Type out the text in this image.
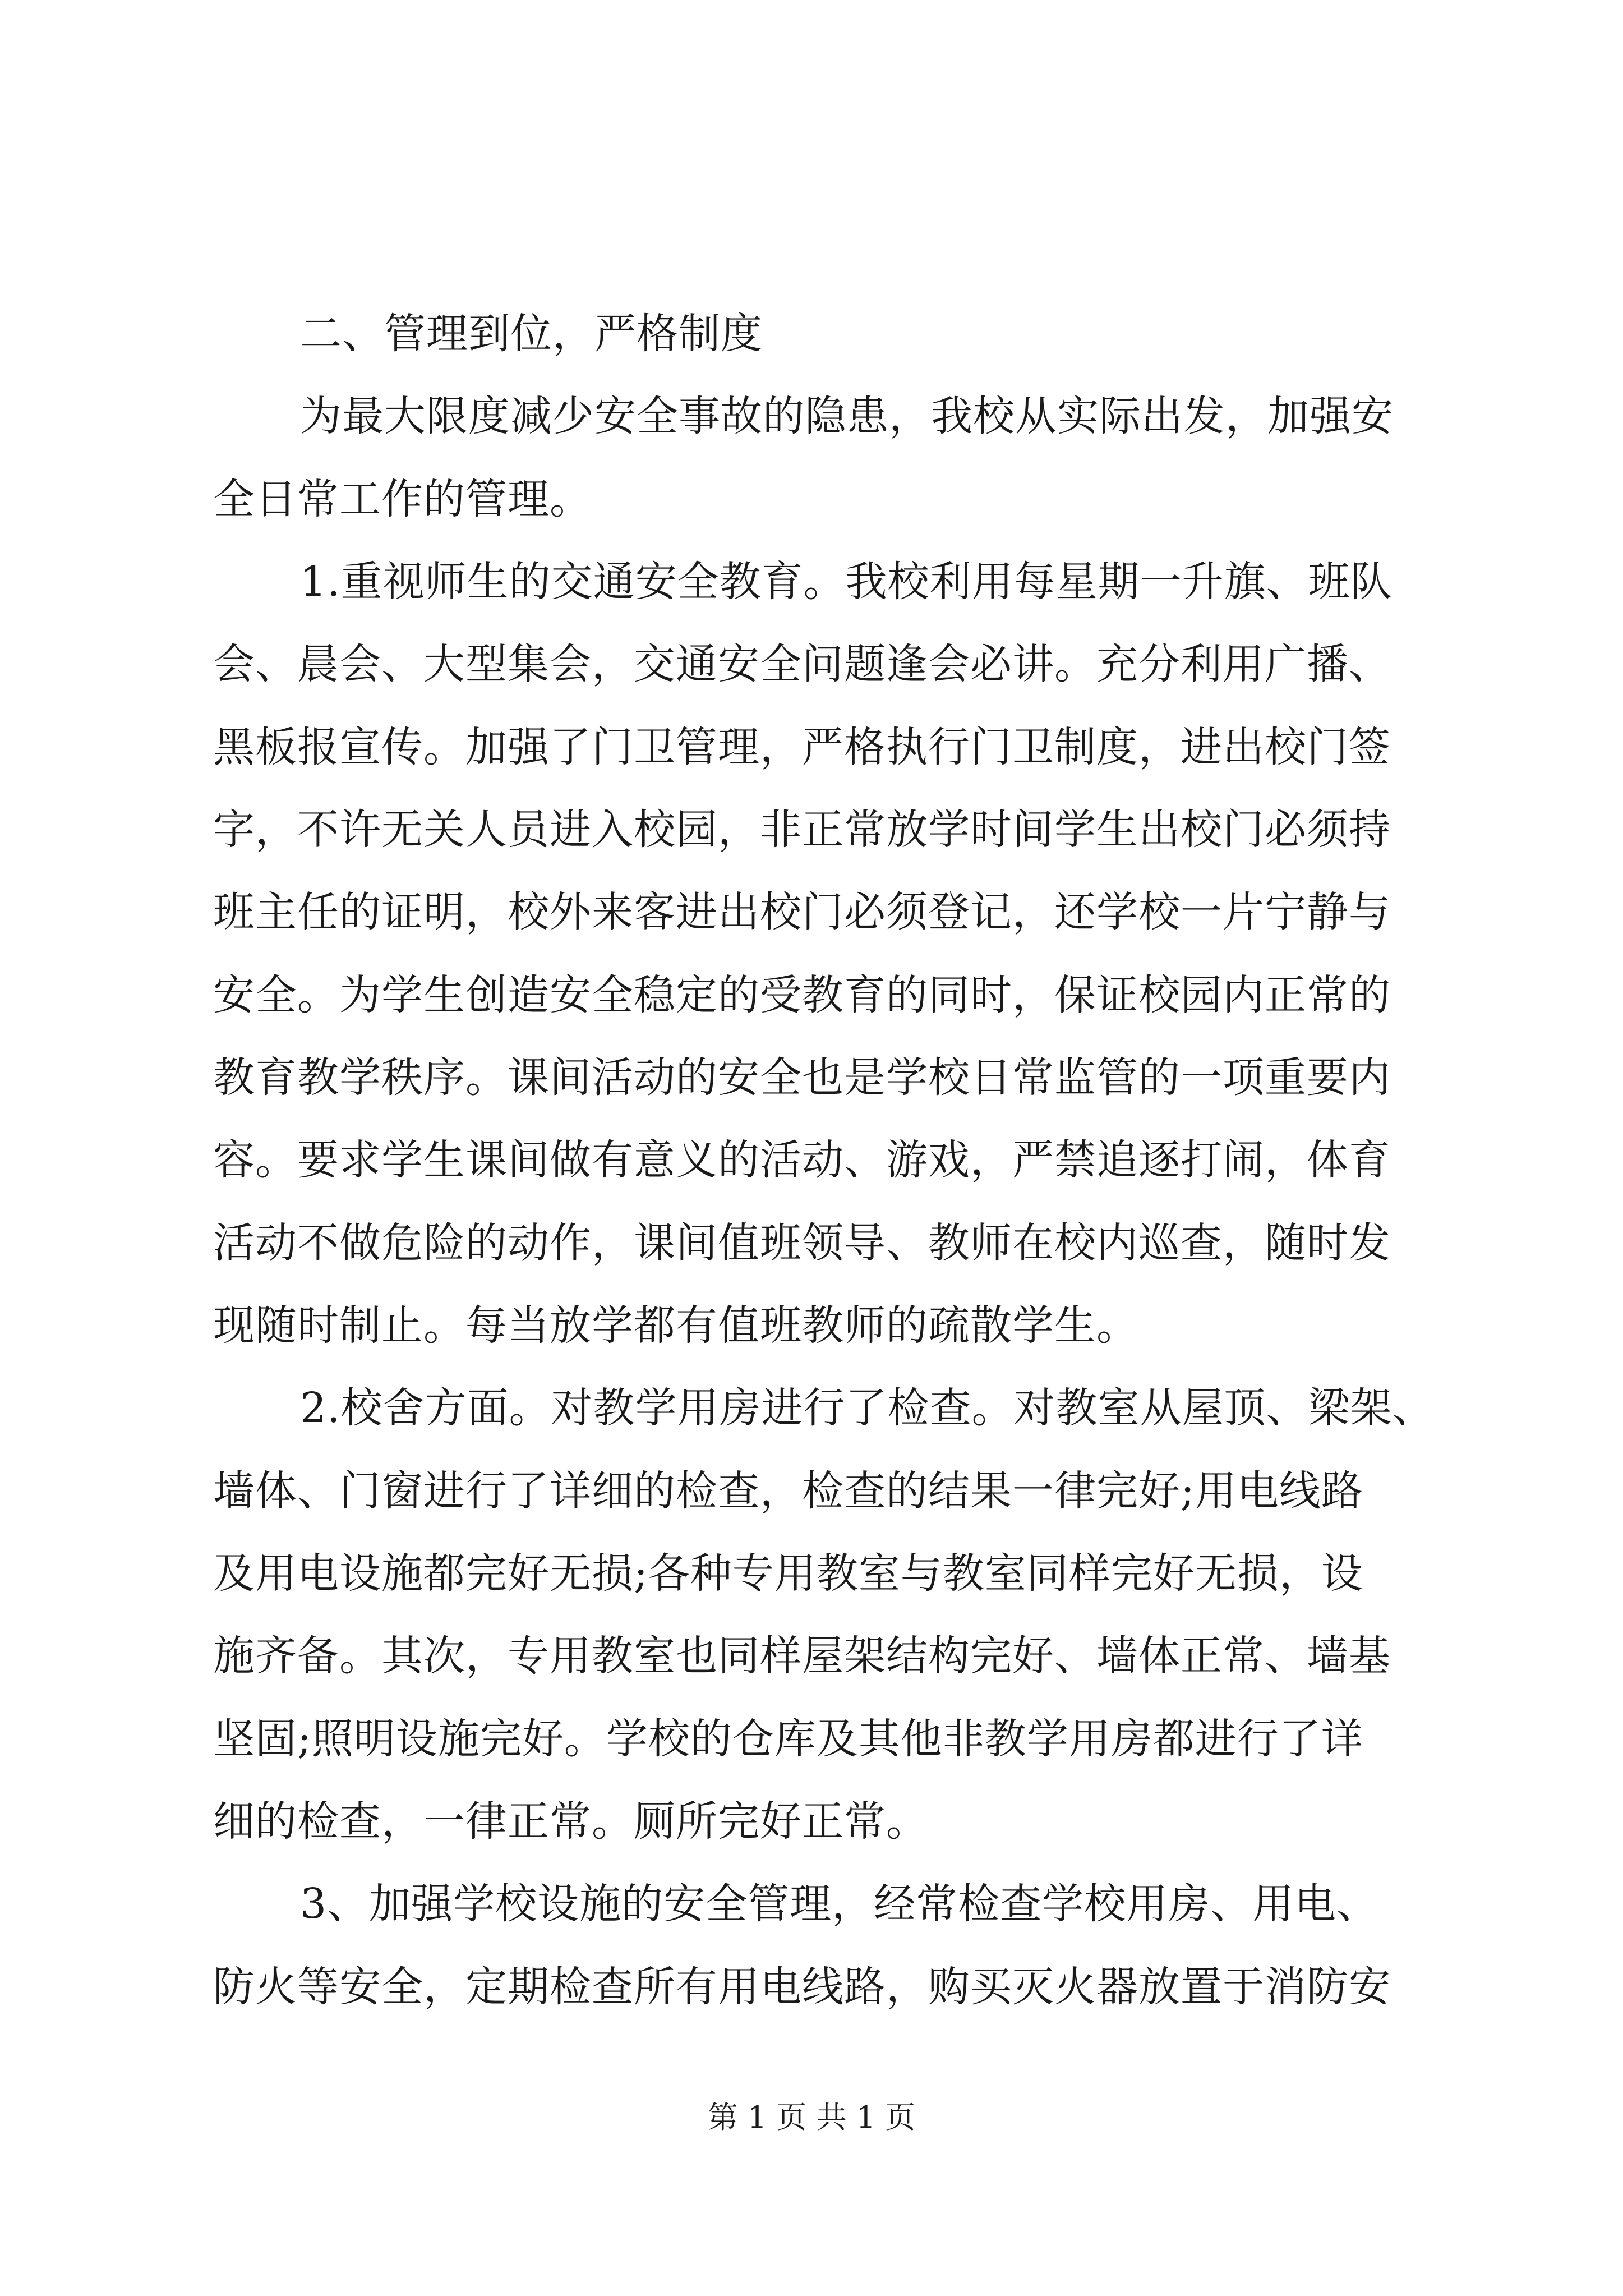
二、管理到位，严格制度

为最大限度减少安全事故的隐患，我校从实际出发，加强安

全日常工作的管理。

1.重视师生的交通安全教育。我校利用每星期一升旗、班队

会、晨会、大型集会，交通安全问题逢会必讲。充分利用广播、

黑板报宣传。加强了门卫管理，严格执行门卫制度，进出校门签

字，不许无关人员进入校园，非正常放学时间学生出校门必须持

班主任的证明，校外来客进出校门必须登记，还学校一片宁静与

安全。为学生创造安全稳定的受教育的同时，保证校园内正常的

教育教学秩序。课间活动的安全也是学校日常监管的一项重要内

容。要求学生课间做有意义的活动、游戏，严禁追逐打闹，体育

活动不做危险的动作，课间值班领导、教师在校内巡查，随时发

现随时制止。每当放学都有值班教师的疏散学生。

2.校舍方面。对教学用房进行了检查。对教室从屋顶、梁架、

墙体、门窗进行了详细的检查，检查的结果一律完好;用电线路

及用电设施都完好无损;各种专用教室与教室同样完好无损，设

施齐备。其次，专用教室也同样屋架结构完好、墙体正常、墙基

坚固;照明设施完好。学校的仓库及其他非教学用房都进行了详

细的检查，一律正常。厕所完好正常。

3、加强学校设施的安全管理，经常检查学校用房、用电、

防火等安全，定期检查所有用电线路，购买灭火器放置于消防安

第 1 页 共 1 页
